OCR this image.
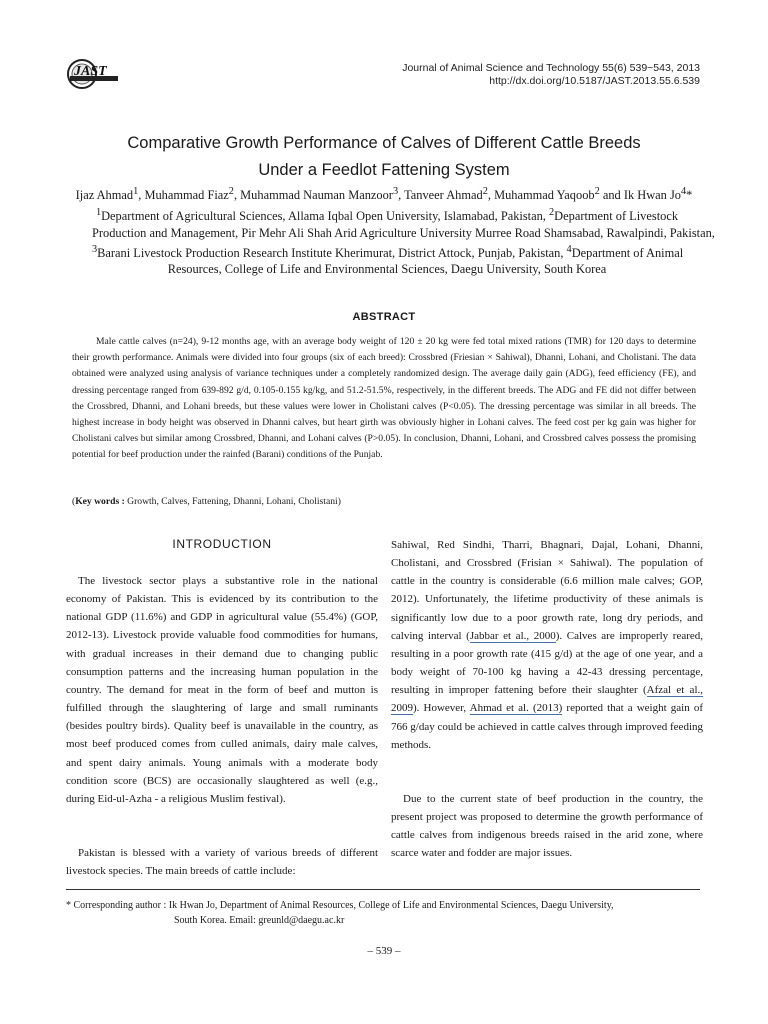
JAST	Journal of Animal Science and Technology 55(6) 539~543, 2013
http://dx.doi.org/10.5187/JAST.2013.55.6.539
Comparative Growth Performance of Calves of Different Cattle Breeds
Under a Feedlot Fattening System
Ijaz Ahmad$^1$, Muhammad Fiaz$^2$, Muhammad Nauman Manzoor$^3$, Tanveer Ahmad$^2$, Muhammad Yaqoob$^2$ and Ik Hwan Jo$^4$*
$^1$Department of Agricultural Sciences, Allama Iqbal Open University, Islamabad, Pakistan, $^2$Department of Livestock
Production and Management, Pir Mehr Ali Shah Arid Agriculture University Murree Road Shamsabad, Rawalpindi, Pakistan,
$^3$Barani Livestock Production Research Institute Kherimurat, District Attock, Punjab, Pakistan, $^4$Department of Animal
Resources, College of Life and Environmental Sciences, Daegu University, South Korea
ABSTRACT
Male cattle calves (n=24), 9-12 months age, with an average body weight of 120 ± 20 kg were fed total mixed rations (TMR) for 120 days to determine their growth performance. Animals were divided into four groups (six of each breed): Crossbred (Friesian × Sahiwal), Dhanni, Lohani, and Cholistani. The data obtained were analyzed using analysis of variance techniques under a completely randomized design. The average daily gain (ADG), feed efficiency (FE), and dressing percentage ranged from 639-892 g/d, 0.105-0.155 kg/kg, and 51.2-51.5%, respectively, in the different breeds. The ADG and FE did not differ between the Crossbred, Dhanni, and Lohani breeds, but these values were lower in Cholistani calves (P<0.05). The dressing percentage was similar in all breeds. The highest increase in body height was observed in Dhanni calves, but heart girth was obviously higher in Lohani calves. The feed cost per kg gain was higher for Cholistani calves but similar among Crossbred, Dhanni, and Lohani calves (P>0.05). In conclusion, Dhanni, Lohani, and Crossbred calves possess the promising potential for beef production under the rainfed (Barani) conditions of the Punjab.
(Key words : Growth, Calves, Fattening, Dhanni, Lohani, Cholistani)
INTRODUCTION
The livestock sector plays a substantive role in the national economy of Pakistan. This is evidenced by its contribution to the national GDP (11.6%) and GDP in agricultural value (55.4%) (GOP, 2012-13). Livestock provide valuable food commodities for humans, with gradual increases in their demand due to changing public consumption patterns and the increasing human population in the country. The demand for meat in the form of beef and mutton is fulfilled through the slaughtering of large and small ruminants (besides poultry birds). Quality beef is unavailable in the country, as most beef produced comes from culled animals, dairy male calves, and spent dairy animals. Young animals with a moderate body condition score (BCS) are occasionally slaughtered as well (e.g., during Eid-ul-Azha - a religious Muslim festival).
Pakistan is blessed with a variety of various breeds of different livestock species. The main breeds of cattle include:
Sahiwal, Red Sindhi, Tharri, Bhagnari, Dajal, Lohani, Dhanni, Cholistani, and Crossbred (Frisian × Sahiwal). The population of cattle in the country is considerable (6.6 million male calves; GOP, 2012). Unfortunately, the lifetime productivity of these animals is significantly low due to a poor growth rate, long dry periods, and calving interval (Jabbar et al., 2000). Calves are improperly reared, resulting in a poor growth rate (415 g/d) at the age of one year, and a body weight of 70-100 kg having a 42-43 dressing percentage, resulting in improper fattening before their slaughter (Afzal et al., 2009). However, Ahmad et al. (2013) reported that a weight gain of 766 g/day could be achieved in cattle calves through improved feeding methods.
Due to the current state of beef production in the country, the present project was proposed to determine the growth performance of cattle calves from indigenous breeds raised in the arid zone, where scarce water and fodder are major issues.
* Corresponding author : Ik Hwan Jo, Department of Animal Resources, College of Life and Environmental Sciences, Daegu University,
South Korea. Email: greunld@daegu.ac.kr
– 539 –
